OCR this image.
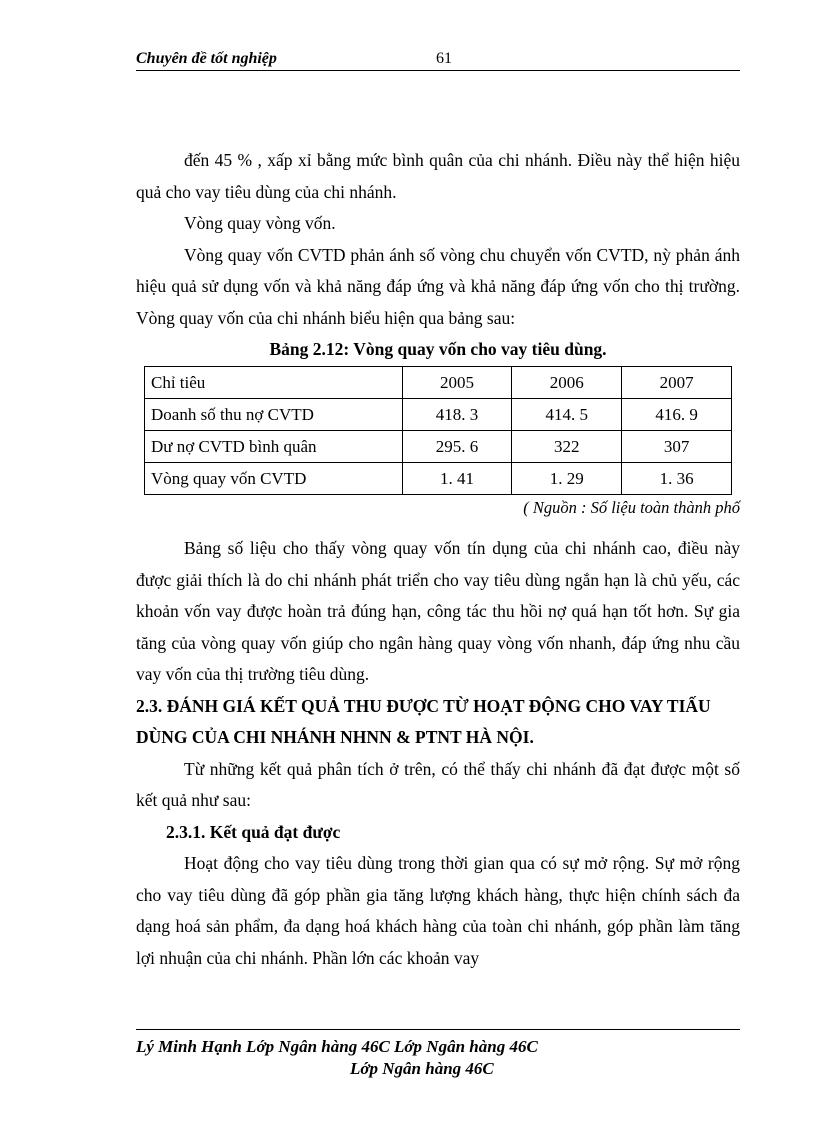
Chuyên đề tốt nghiệp	61

đến 45 % , xấp xỉ bằng mức bình quân của chi nhánh. Điều này thể hiện hiệu quả cho vay tiêu dùng của chi nhánh.

Vòng quay vòng vốn.

Vòng quay vốn CVTD phản ánh số vòng chu chuyển vốn CVTD, nỳ phản ánh hiệu quả sử dụng vốn và khả năng đáp ứng và khả năng đáp ứng vốn cho thị trường. Vòng quay vốn của chi nhánh biểu hiện qua bảng sau:

Bảng 2.12: Vòng quay vốn cho vay tiêu dùng.

Chỉ tiêu	2005	2006	2007
Doanh số thu nợ CVTD	418. 3	414. 5	416. 9
Dư nợ CVTD bình quân	295. 6	322	307
Vòng quay vốn CVTD	1. 41	1. 29	1. 36

( Nguồn : Số liệu toàn thành phố

Bảng số liệu cho thấy vòng quay vốn tín dụng của chi nhánh cao, điều này được giải thích là do chi nhánh phát triển cho vay tiêu dùng ngắn hạn là chủ yếu, các khoản vốn vay được hoàn trả đúng hạn, công tác thu hồi nợ quá hạn tốt hơn. Sự gia tăng của vòng quay vốn giúp cho ngân hàng quay vòng vốn nhanh, đáp ứng nhu cầu vay vốn của thị trường tiêu dùng.

2.3. ĐÁNH GIÁ KẾT QUẢ THU ĐƯỢC TỪ HOẠT ĐỘNG CHO VAY TIẤU DÙNG CỦA CHI NHÁNH NHNN & PTNT HÀ NỘI.

Từ những kết quả phân tích ở trên, có thể thấy chi nhánh đã đạt được một số kết quả như sau:

2.3.1. Kết quả đạt được

Hoạt động cho vay tiêu dùng trong thời gian qua có sự mở rộng. Sự mở rộng cho vay tiêu dùng đã góp phần gia tăng lượng khách hàng, thực hiện chính sách đa dạng hoá sản phẩm, đa dạng hoá khách hàng của toàn chi nhánh, góp phần làm tăng lợi nhuận của chi nhánh. Phần lớn các khoản vay

Lý Minh Hạnh Lớp Ngân hàng 46C Lớp Ngân hàng 46C
Lớp Ngân hàng 46C
